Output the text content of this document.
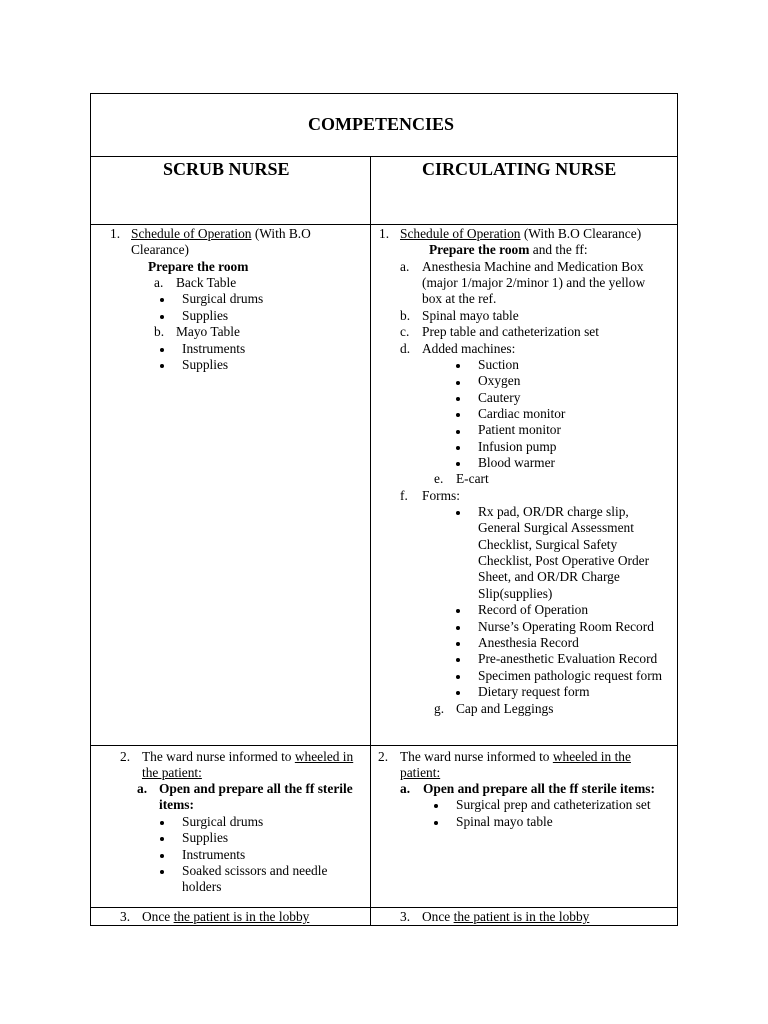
COMPETENCIES
SCRUB NURSE	CIRCULATING NURSE
1. Schedule of Operation (With B.O
Clearance)
Prepare the room
a. Back Table
Surgical drums
Supplies
b. Mayo Table
Instruments
Supplies
1. Schedule of Operation (With B.O Clearance)
Prepare the room and the ff:
a. Anesthesia Machine and Medication Box
(major 1/major 2/minor 1) and the yellow
box at the ref.
b. Spinal mayo table
c. Prep table and catheterization set
d. Added machines:
Suction
Oxygen
Cautery
Cardiac monitor
Patient monitor
Infusion pump
Blood warmer
e. E-cart
f. Forms:
Rx pad, OR/DR charge slip,
General Surgical Assessment
Checklist, Surgical Safety
Checklist, Post Operative Order
Sheet, and OR/DR Charge
Slip(supplies)
Record of Operation
Nurse’s Operating Room Record
Anesthesia Record
Pre-anesthetic Evaluation Record
Specimen pathologic request form
Dietary request form
g. Cap and Leggings
2. The ward nurse informed to wheeled in
the patient:
a. Open and prepare all the ff sterile
items:
Surgical drums
Supplies
Instruments
Soaked scissors and needle
holders
2. The ward nurse informed to wheeled in the
patient:
a. Open and prepare all the ff sterile items:
Surgical prep and catheterization set
Spinal mayo table
3. Once the patient is in the lobby	3. Once the patient is in the lobby
